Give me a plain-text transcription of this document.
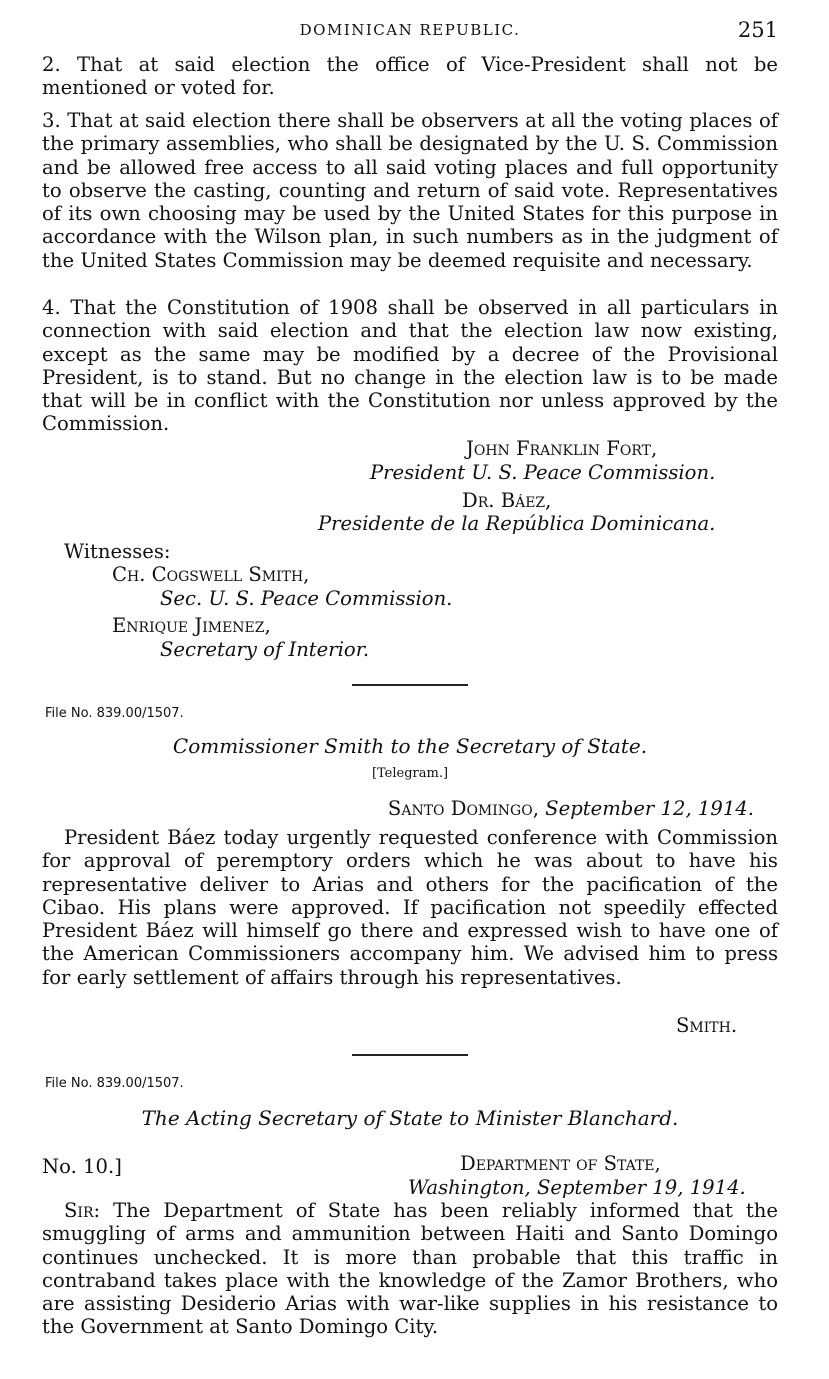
DOMINICAN REPUBLIC.	251

2. That at said election the office of Vice-President shall not be mentioned or voted for.

3. That at said election there shall be observers at all the voting places of the primary assemblies, who shall be designated by the U. S. Commission and be allowed free access to all said voting places and full opportunity to observe the casting, counting and return of said vote. Representatives of its own choosing may be used by the United States for this purpose in accordance with the Wilson plan, in such numbers as in the judgment of the United States Commission may be deemed requisite and necessary.

4. That the Constitution of 1908 shall be observed in all particulars in connection with said election and that the election law now existing, except as the same may be modified by a decree of the Provisional President, is to stand. But no change in the election law is to be made that will be in conflict with the Constitution nor unless approved by the Commission.

John Franklin Fort,
President U. S. Peace Commission.
Dr. Báez,
Presidente de la República Dominicana.
Witnesses:
Ch. Cogswell Smith,
Sec. U. S. Peace Commission.
Enrique Jimenez,
Secretary of Interior.
File No. 839.00/1507.
Commissioner Smith to the Secretary of State.
[Telegram.]
Santo Domingo, September 12, 1914.

President Báez today urgently requested conference with Commission for approval of peremptory orders which he was about to have his representative deliver to Arias and others for the pacification of the Cibao. His plans were approved. If pacification not speedily effected President Báez will himself go there and expressed wish to have one of the American Commissioners accompany him. We advised him to press for early settlement of affairs through his representatives.

Smith.
File No. 839.00/1507.
The Acting Secretary of State to Minister Blanchard.
No. 10.]	Department of State,
Washington, September 19, 1914.

Sir: The Department of State has been reliably informed that the smuggling of arms and ammunition between Haiti and Santo Domingo continues unchecked. It is more than probable that this traffic in contraband takes place with the knowledge of the Zamor Brothers, who are assisting Desiderio Arias with war-like supplies in his resistance to the Government at Santo Domingo City.
